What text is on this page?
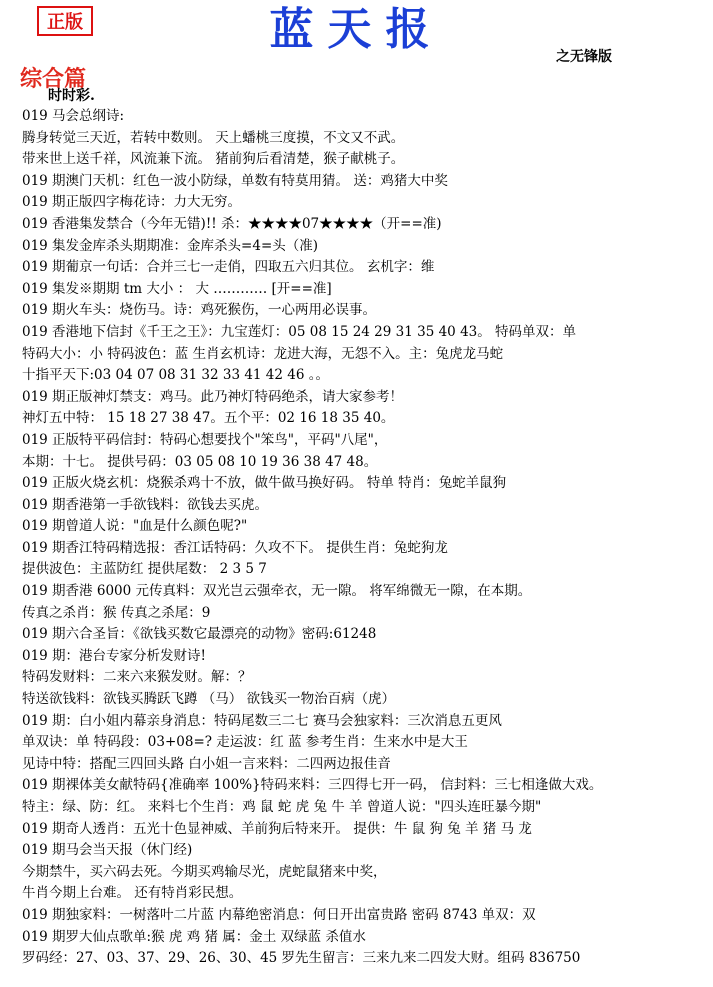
正版	蓝天报
之无锋版
综合篇
时时彩.
019 马会总纲诗:
腾身转觉三天近，若转中数则。 天上蟠桃三度摸，不文又不武。
带来世上送千祥，风流兼下流。 猪前狗后看清楚，猴子献桃子。
019 期澳门天机：红色一波小防绿，单数有特莫用猜。 送：鸡猪大中奖
019 期正版四字梅花诗：力大无穷。
019 香港集发禁合（今年无错)!! 杀：★★★★07★★★★（开==准)
019 集发金库杀头期期准：金库杀头=4=头（准)
019 期葡京一句话：合并三七一走俏，四取五六归其位。 玄机字：维
019 集发※期期 tm 大小 ： 大 ………… [开==准]
019 期火车头：烧伤马。诗：鸡死猴伤，一心两用必误事。
019 香港地下信封《千王之王》：九宝莲灯：05 08 15 24 29 31 35 40 43。 特码单双：单
特码大小：小 特码波色：蓝 生肖玄机诗：龙进大海，无怨不入。主：兔虎龙马蛇
十指平天下:03 04 07 08 31 32 33 41 42 46 。。
019 期正版神灯禁支：鸡马。此乃神灯特码绝杀，请大家参考！
神灯五中特： 15 18 27 38 47。五个平：02 16 18 35 40。
019 正版特平码信封：特码心想要找个"笨鸟"，平码"八尾"，
本期：十七。 提供号码：03 05 08 10 19 36 38 47 48。
019 正版火烧玄机：烧猴杀鸡十不放，做牛做马换好码。 特单 特肖：兔蛇羊鼠狗
019 期香港第一手欲钱料：欲钱去买虎。
019 期曾道人说："血是什么颜色呢?"
019 期香江特码精选报：香江话特码：久攻不下。 提供生肖：兔蛇狗龙
提供波色：主蓝防红 提供尾数： 2 3 5 7
019 期香港 6000 元传真料：双光岂云强牵衣，无一隙。 将军绵微无一隙，在本期。
传真之杀肖：猴 传真之杀尾：9
019 期六合圣旨：《欲钱买数它最漂亮的动物》密码:61248
019 期：港台专家分析发财诗!
特码发财料：二来六来猴发财。解：？
特送欲钱料：欲钱买腾跃飞蹲 （马） 欲钱买一物治百病（虎）
019 期：白小姐内幕亲身消息：特码尾数三二七 赛马会独家料：三次消息五更风
单双诀：单 特码段：03+08=? 走运波：红 蓝 参考生肖：生来水中是大王
见诗中特：搭配三四回头路 白小姐一言来料：二四两边报佳音
019 期裸体美女献特码{准确率 100%}特码来料：三四得七开一码， 信封料：三七相逢做大戏。
特主：绿、防：红。 来料七个生肖：鸡 鼠 蛇 虎 兔 牛 羊 曾道人说："四头连旺暴今期"
019 期奇人透肖：五光十色显神威、羊前狗后特来开。 提供：牛 鼠 狗 兔 羊 猪 马 龙
019 期马会当天报（休门经)
今期禁牛，买六码去死。今期买鸡输尽光，虎蛇鼠猪来中奖，
牛肖今期上台难。 还有特肖彩民想。
019 期独家料：一树落叶二片蓝 内幕绝密消息：何日开出富贵路 密码 8743 单双：双
019 期罗大仙点歌单:猴 虎 鸡 猪 属：金土 双绿蓝 杀值水
罗码经：27、03、37、29、26、30、45 罗先生留言：三来九来二四发大财。组码 836750
